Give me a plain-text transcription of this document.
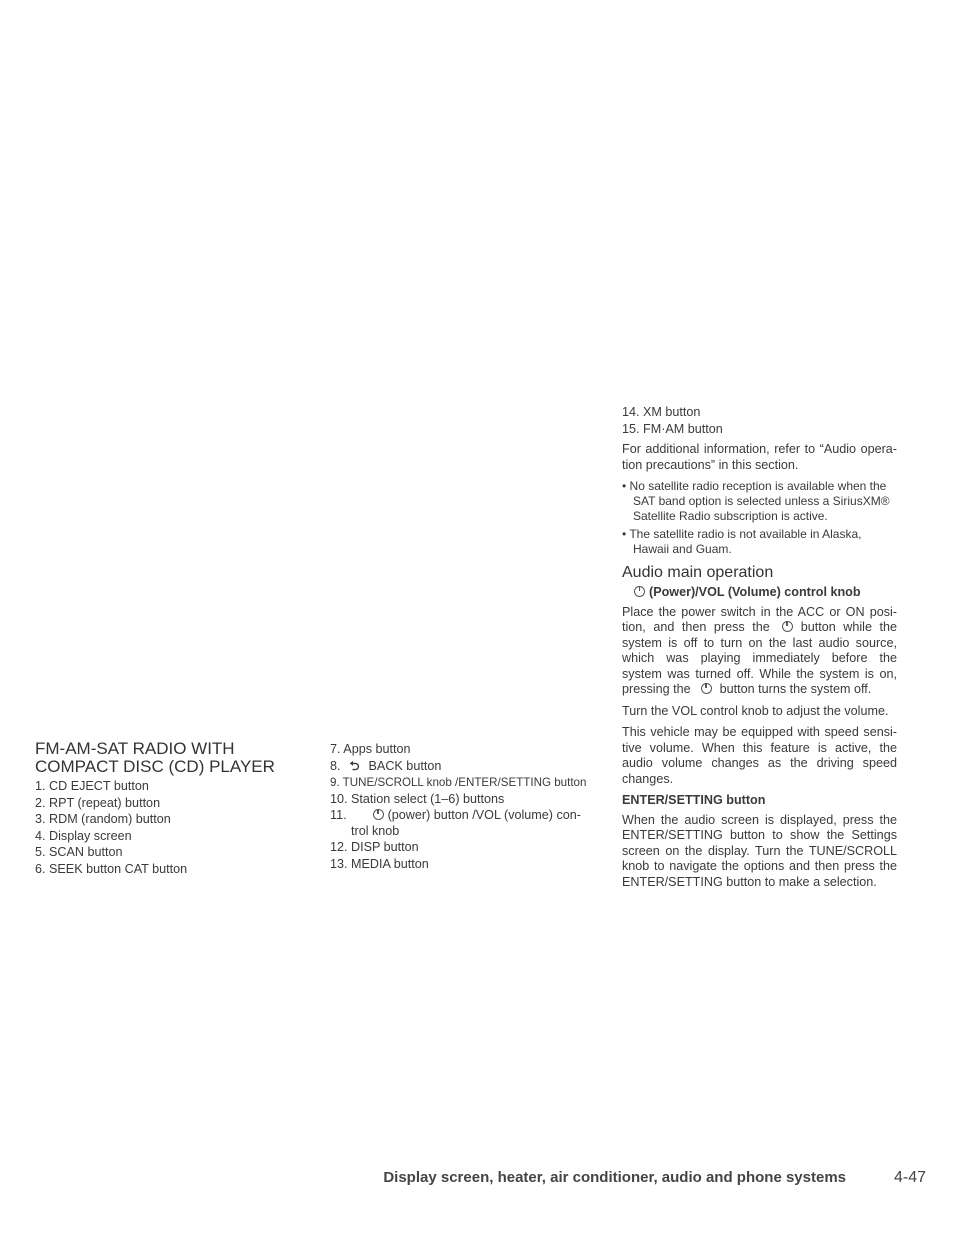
FM-AM-SAT RADIO WITH
COMPACT DISC (CD) PLAYER
1. CD EJECT button
2. RPT (repeat) button
3. RDM (random) button
4. Display screen
5. SCAN button
6. SEEK button CAT button
7. Apps button
8. ⮌ BACK button
9. TUNE/SCROLL knob /ENTER/SETTING button
10. Station select (1–6) buttons
11.	(power) button /VOL (volume) con-
trol knob
12. DISP button
13. MEDIA button
14. XM button
15. FM·AM button

For additional information, refer to “Audio opera- tion precautions” in this section.

• No satellite radio reception is available when the SAT band option is selected unless a SiriusXM® Satellite Radio subscription is active.

• The satellite radio is not available in Alaska, Hawaii and Guam.

Audio main operation

(Power)/VOL (Volume) control knob

Place the power switch in the ACC or ON posi- tion, and then press the button while the system is off to turn on the last audio source, which was playing immediately before the system was turned off. While the system is on, pressing the button turns the system off.

Turn the VOL control knob to adjust the volume.

This vehicle may be equipped with speed sensi- tive volume. When this feature is active, the audio volume changes as the driving speed changes.

ENTER/SETTING button

When the audio screen is displayed, press the ENTER/SETTING button to show the Settings screen on the display. Turn the TUNE/SCROLL knob to navigate the options and then press the ENTER/SETTING button to make a selection.

Display screen, heater, air conditioner, audio and phone systems	4-47
